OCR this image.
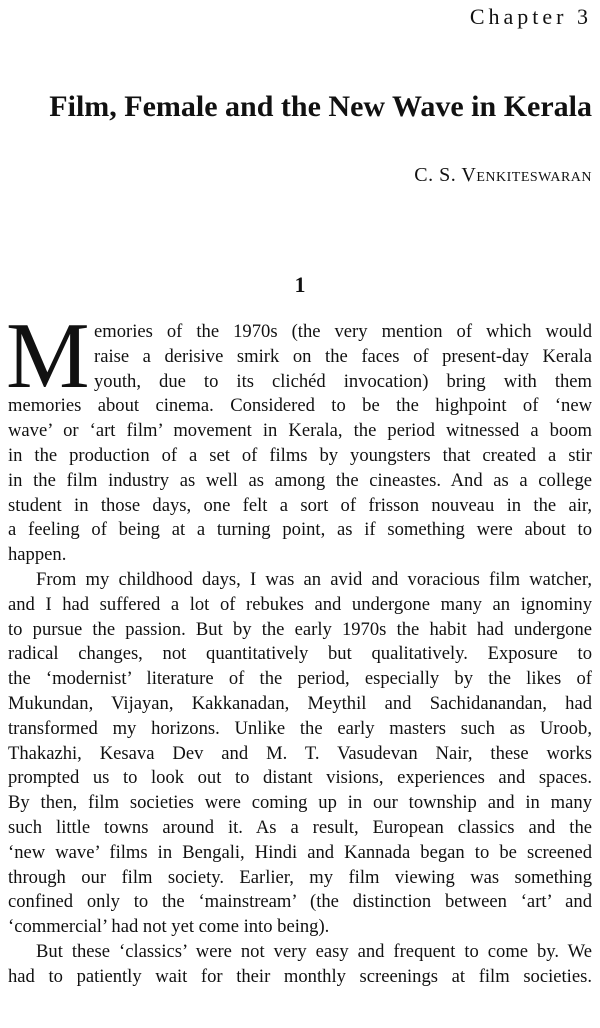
Chapter 3
Film, Female and the New Wave in Kerala
C. S. Venkiteswaran
1
M emories of the 1970s (the very mention of which would
raise a derisive smirk on the faces of present-day Kerala
youth, due to its clichéd invocation) bring with them
memories about cinema. Considered to be the highpoint of ‘new
wave’ or ‘art film’ movement in Kerala, the period witnessed a boom
in the production of a set of films by youngsters that created a stir
in the film industry as well as among the cineastes. And as a college
student in those days, one felt a sort of frisson nouveau in the air,
a feeling of being at a turning point, as if something were about to
happen.
From my childhood days, I was an avid and voracious film watcher,
and I had suffered a lot of rebukes and undergone many an ignominy
to pursue the passion. But by the early 1970s the habit had undergone
radical changes, not quantitatively but qualitatively. Exposure to
the ‘modernist’ literature of the period, especially by the likes of
Mukundan, Vijayan, Kakkanadan, Meythil and Sachidanandan, had
transformed my horizons. Unlike the early masters such as Uroob,
Thakazhi, Kesava Dev and M. T. Vasudevan Nair, these works
prompted us to look out to distant visions, experiences and spaces.
By then, film societies were coming up in our township and in many
such little towns around it. As a result, European classics and the
‘new wave’ films in Bengali, Hindi and Kannada began to be screened
through our film society. Earlier, my film viewing was something
confined only to the ‘mainstream’ (the distinction between ‘art’ and
‘commercial’ had not yet come into being).
But these ‘classics’ were not very easy and frequent to come by. We
had to patiently wait for their monthly screenings at film societies.
